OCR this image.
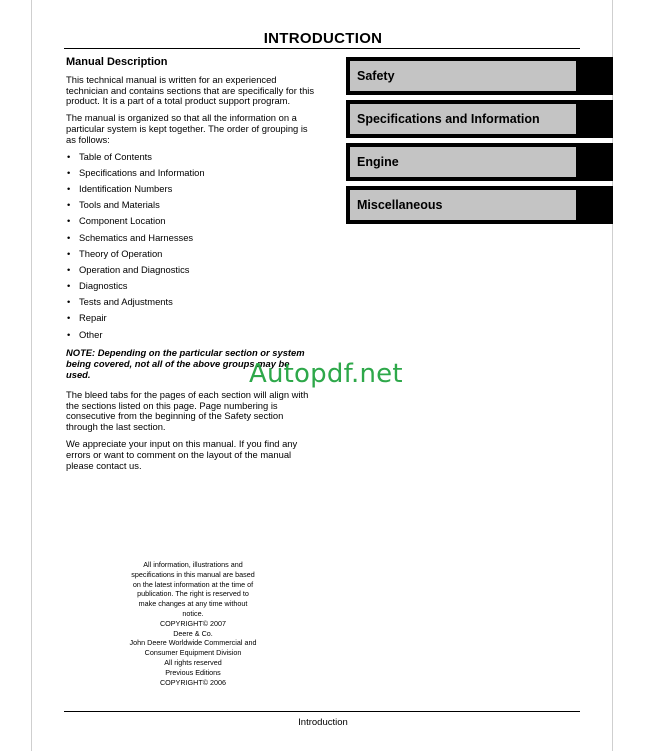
INTRODUCTION
Manual Description

This technical manual is written for an experienced technician and contains sections that are specifically for this product. It is a part of a total product support program.

The manual is organized so that all the information on a particular system is kept together. The order of grouping is as follows:

• Table of Contents
• Specifications and Information
• Identification Numbers
• Tools and Materials
• Component Location
• Schematics and Harnesses
• Theory of Operation
• Operation and Diagnostics
• Diagnostics
• Tests and Adjustments
• Repair
• Other

NOTE: Depending on the particular section or system being covered, not all of the above groups may be used.

The bleed tabs for the pages of each section will align with the sections listed on this page. Page numbering is consecutive from the beginning of the Safety section through the last section.

We appreciate your input on this manual. If you find any errors or want to comment on the layout of the manual please contact us.

Safety
Specifications and Information
Engine
Miscellaneous
Autopdf.net
All information, illustrations and
specifications in this manual are based
on the latest information at the time of
publication. The right is reserved to
make changes at any time without
notice.
COPYRIGHT© 2007
Deere & Co.
John Deere Worldwide Commercial and
Consumer Equipment Division
All rights reserved
Previous Editions
COPYRIGHT© 2006
Introduction
